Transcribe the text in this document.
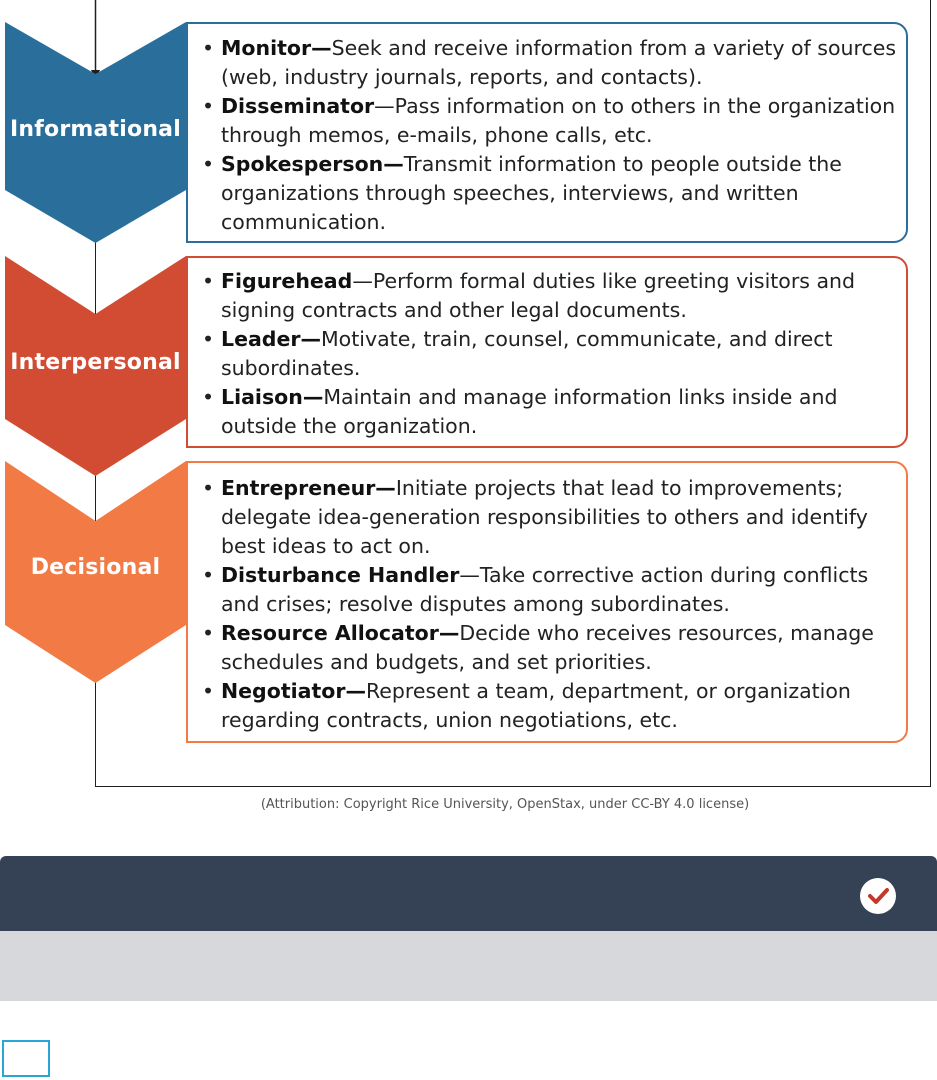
Informational
Interpersonal
Decisional
• Monitor—Seek and receive information from a variety of sources (web, industry journals, reports, and contacts).
• Disseminator—Pass information on to others in the organization through memos, e-mails, phone calls, etc.
• Spokesperson—Transmit information to people outside the organizations through speeches, interviews, and written communication.
• Figurehead—Perform formal duties like greeting visitors and signing contracts and other legal documents.
• Leader—Motivate, train, counsel, communicate, and direct subordinates.
• Liaison—Maintain and manage information links inside and outside the organization.
• Entrepreneur—Initiate projects that lead to improvements; delegate idea-generation responsibilities to others and identify best ideas to act on.
• Disturbance Handler—Take corrective action during conflicts and crises; resolve disputes among subordinates.
• Resource Allocator—Decide who receives resources, manage schedules and budgets, and set priorities.
• Negotiator—Represent a team, department, or organization regarding contracts, union negotiations, etc.
(Attribution: Copyright Rice University, OpenStax, under CC-BY 4.0 license)
